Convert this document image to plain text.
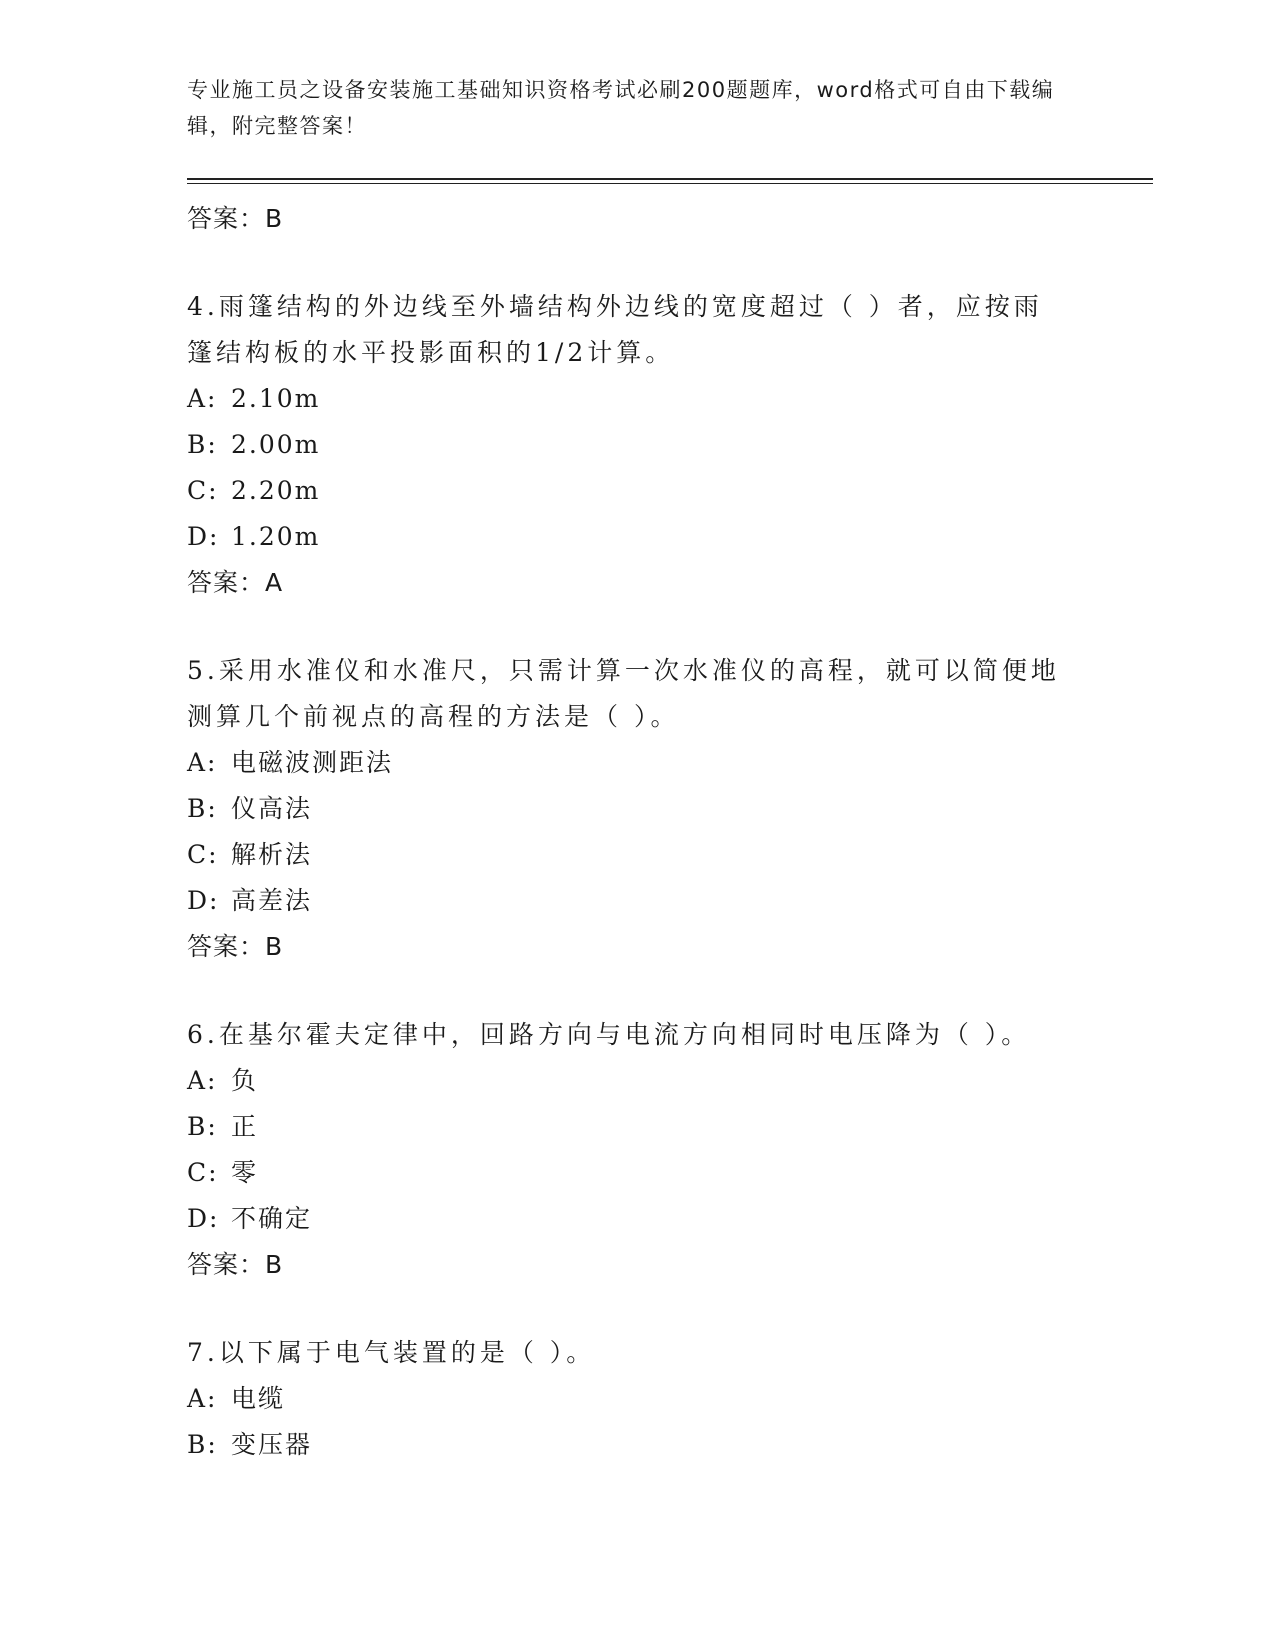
专业施工员之设备安装施工基础知识资格考试必刷200题题库，word格式可自由下载编辑，附完整答案！

答案：B
4.雨篷结构的外边线至外墙结构外边线的宽度超过（ ）者，应按雨篷结构板的水平投影面积的1/2计算。
A: 2.10m
B: 2.00m
C: 2.20m
D: 1.20m
答案：A
5.采用水准仪和水准尺，只需计算一次水准仪的高程，就可以简便地测算几个前视点的高程的方法是（ ）。
A: 电磁波测距法
B: 仪高法
C: 解析法
D: 高差法
答案：B
6.在基尔霍夫定律中，回路方向与电流方向相同时电压降为（ ）。
A: 负
B: 正
C: 零
D: 不确定
答案：B
7.以下属于电气装置的是（ ）。
A: 电缆
B: 变压器
